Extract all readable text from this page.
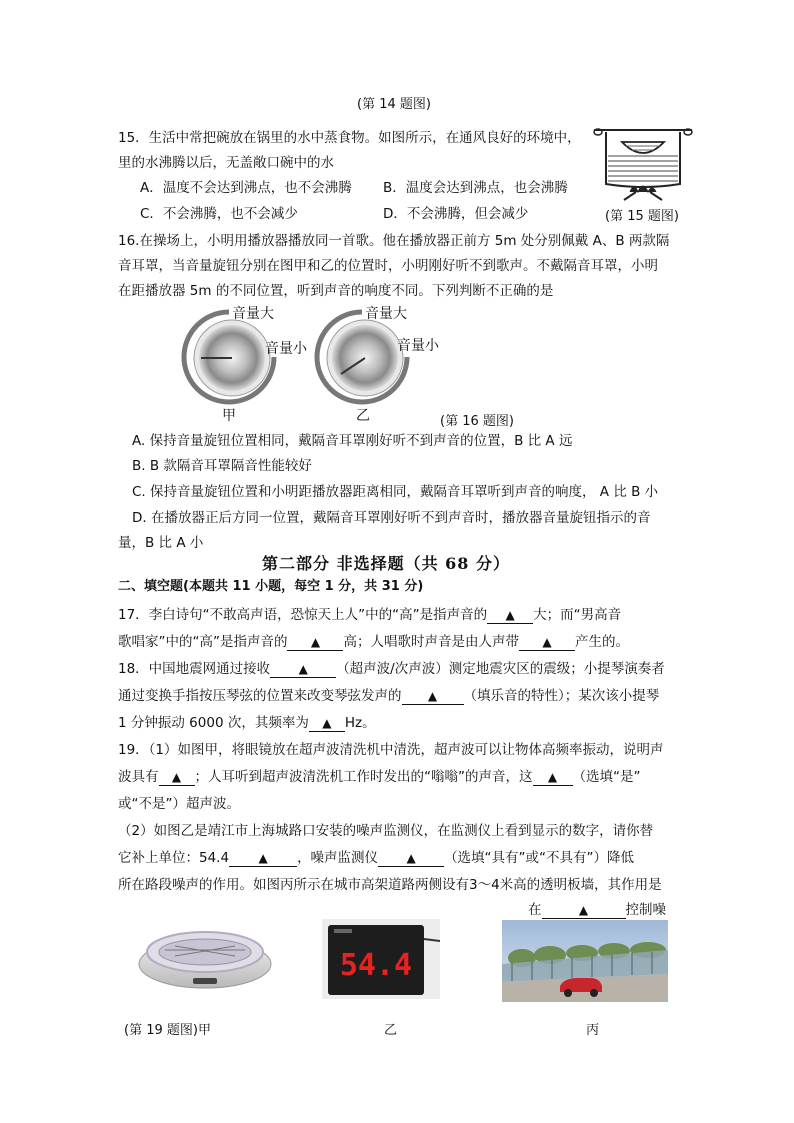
(第 14 题图)
15．生活中常把碗放在锅里的水中蒸食物。如图所示，在通风良好的环境中，
里的水沸腾以后，无盖敞口碗中的水
A．温度不会达到沸点，也不会沸腾 B．温度会达到沸点，也会沸腾
C．不会沸腾，也不会减少	D．不会沸腾，但会减少	(第 15 题图)
16.在操场上，小明用播放器播放同一首歌。他在播放器正前方 5m 处分别佩戴 A、B 两款隔
音耳罩，当音量旋钮分别在图甲和乙的位置时，小明刚好听不到歌声。不戴隔音耳罩，小明
在距播放器 5m 的不同位置，听到声音的响度不同。下列判断不正确的是
音量大
音量小
音量大
音量小
甲	乙	(第 16 题图)
A. 保持音量旋钮位置相同，戴隔音耳罩刚好听不到声音的位置，B 比 A 远
B. B 款隔音耳罩隔音性能较好
C. 保持音量旋钮位置和小明距播放器距离相同，戴隔音耳罩听到声音的响度， A 比 B 小
D. 在播放器正后方同一位置，戴隔音耳罩刚好听不到声音时，播放器音量旋钮指示的音
量，B 比 A 小
第二部分 非选择题（共 68 分）
二、填空题(本题共 11 小题，每空 1 分，共 31 分)
17．李白诗句“不敢高声语，恐惊天上人”中的“高”是指声音的 ▲ 大；而“男高音
歌唱家”中的“高”是指声音的 ▲ 高；人唱歌时声音是由人声带 ▲ 产生的。
18．中国地震网通过接收 ▲ （超声波/次声波）测定地震灾区的震级；小提琴演奏者
通过变换手指按压琴弦的位置来改变琴弦发声的 ▲ （填乐音的特性）；某次该小提琴
1 分钟振动 6000 次，其频率为 ▲ Hz。
19．（1）如图甲，将眼镜放在超声波清洗机中清洗，超声波可以让物体高频率振动，说明声
波具有 ▲ ；人耳听到超声波清洗机工作时发出的“嗡嗡”的声音，这 ▲ （选填“是”
或“不是”）超声波。
（2）如图乙是靖江市上海城路口安装的噪声监测仪，在监测仪上看到显示的数字，请你替
它补上单位：54.4 ▲ ，噪声监测仪 ▲ （选填“具有”或“不具有”）降低
所在路段噪声的作用。如图丙所示在城市高架道路两侧设有3～4米高的透明板墙，其作用是
在	▲	控制噪
54.4
(第 19 题图)甲	乙	丙
